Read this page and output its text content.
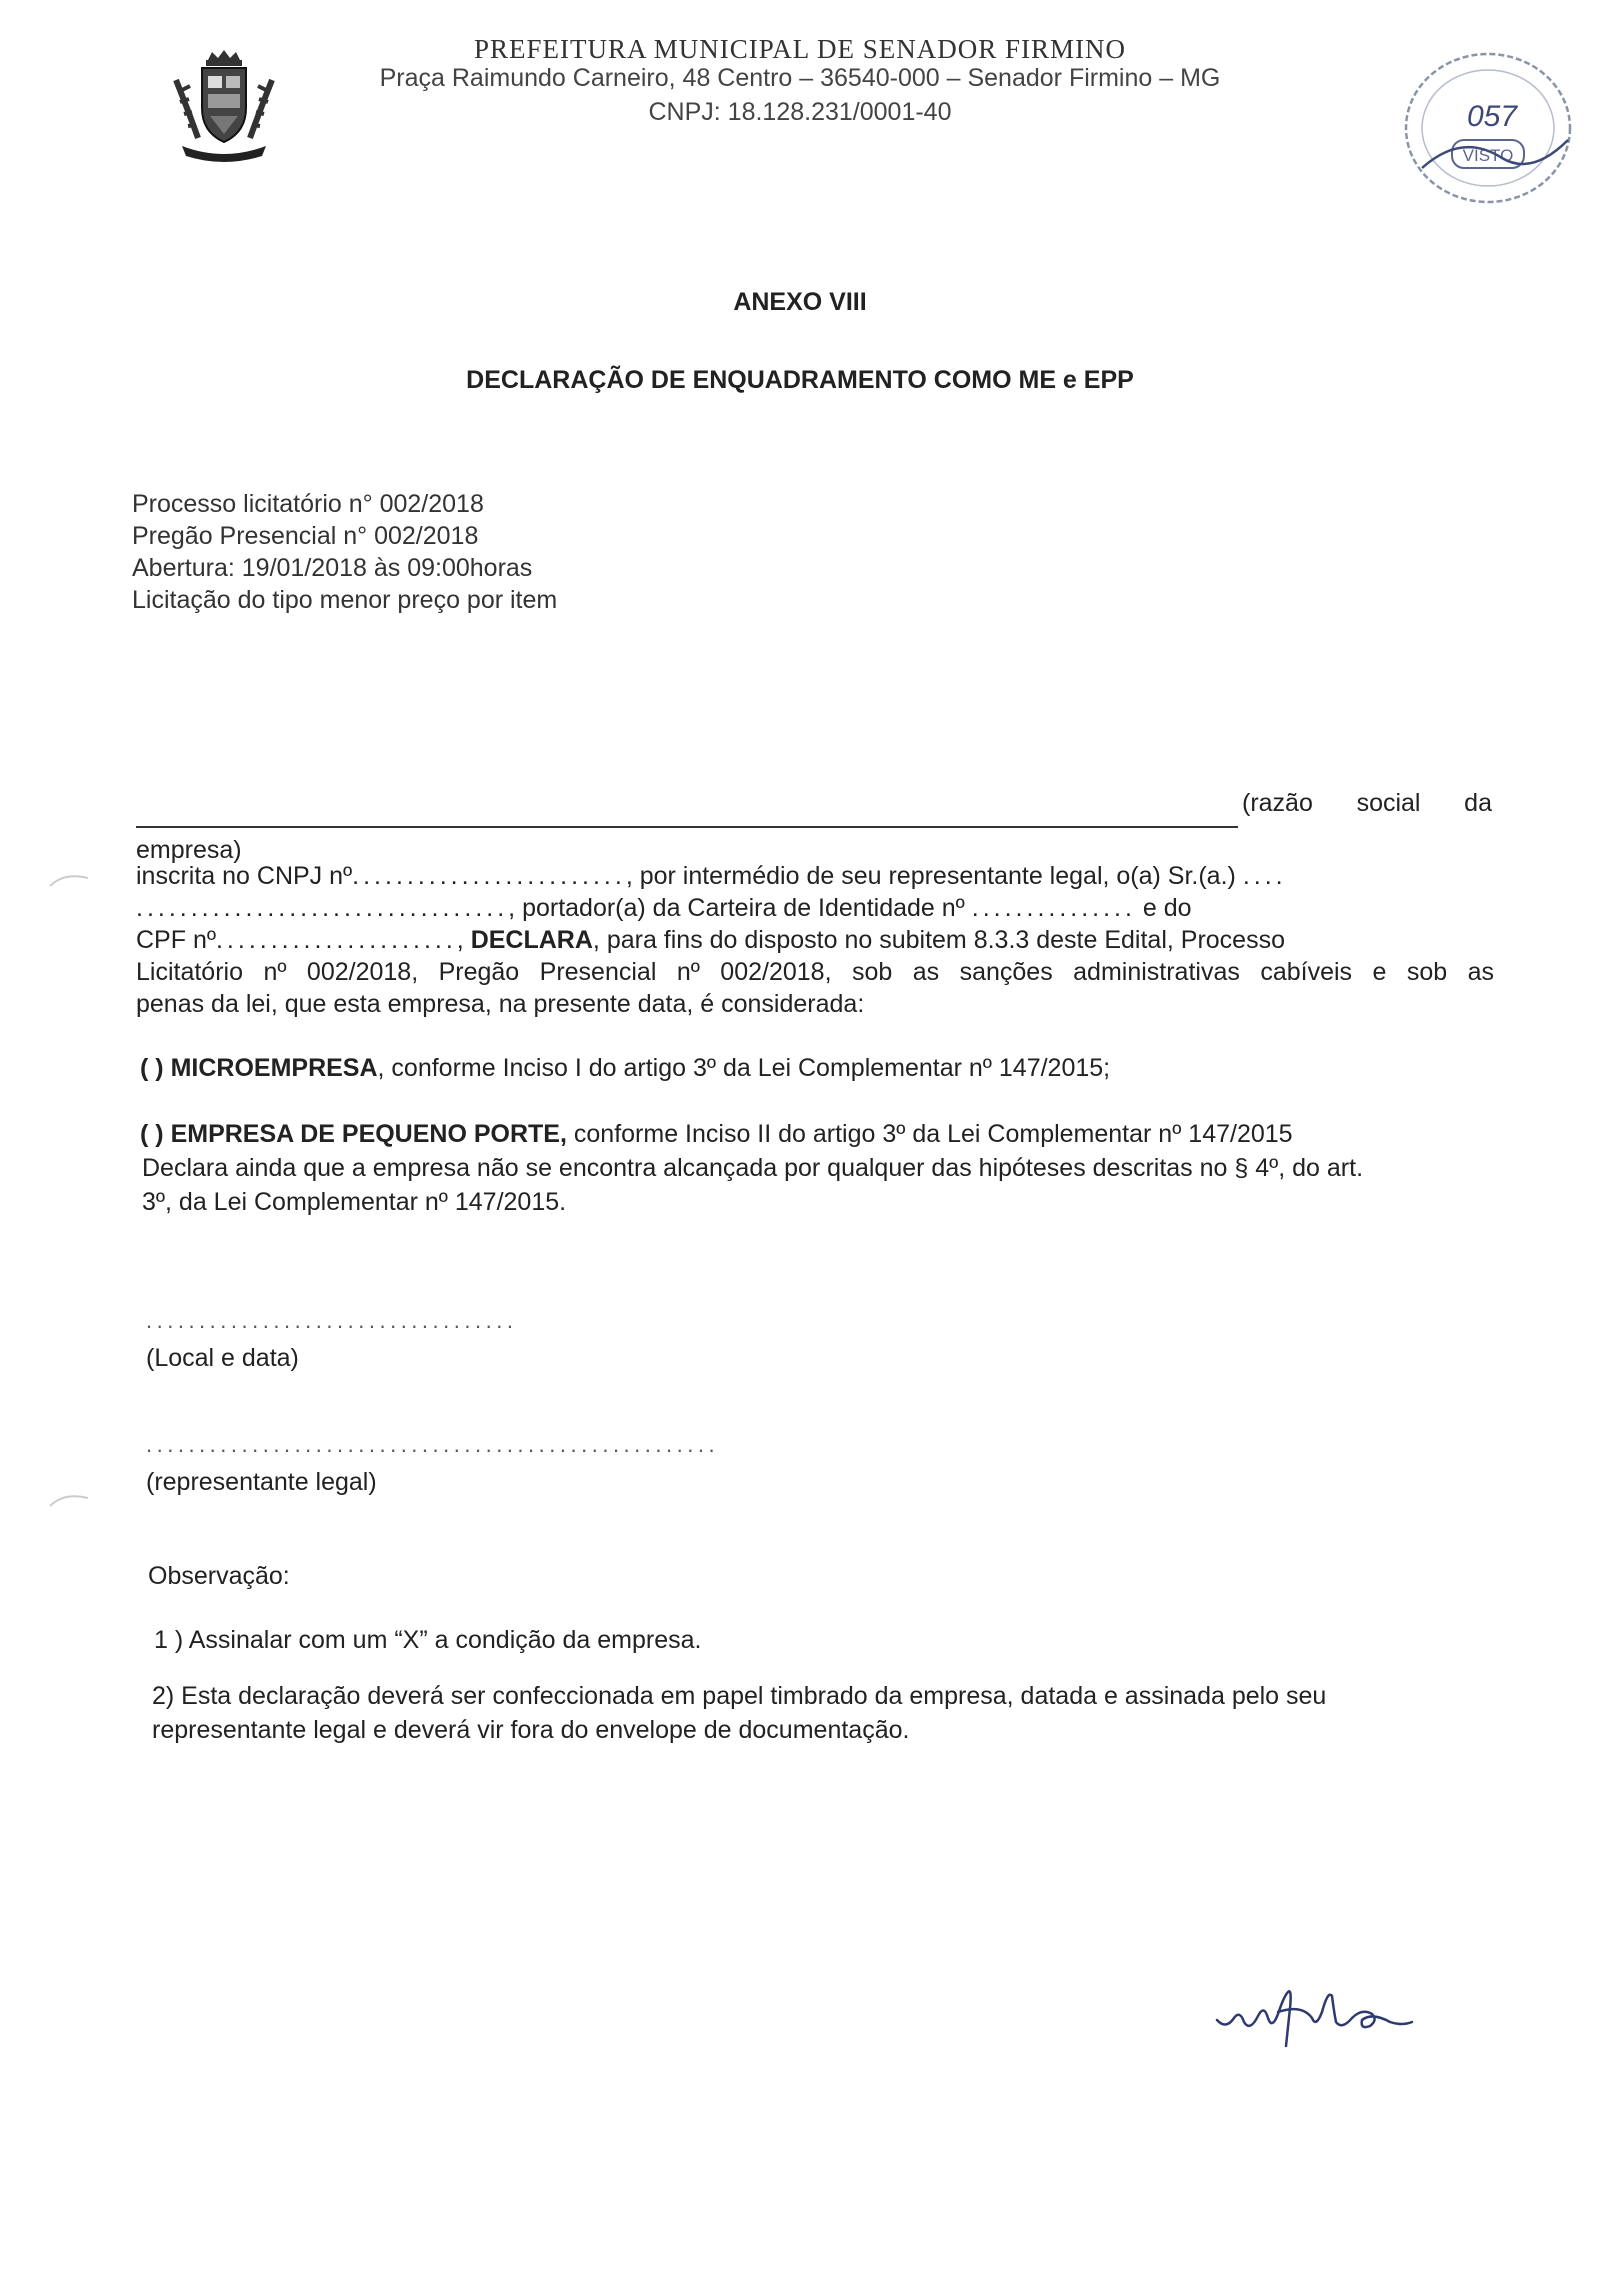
PREFEITURA MUNICIPAL DE SENADOR FIRMINO
Praça Raimundo Carneiro, 48 Centro – 36540-000 – Senador Firmino – MG
CNPJ: 18.128.231/0001-40	057
VISTO
ANEXO VIII
DECLARAÇÃO DE ENQUADRAMENTO COMO ME e EPP
Processo licitatório n° 002/2018
Pregão Presencial n° 002/2018
Abertura: 19/01/2018 às 09:00horas
Licitação do tipo menor preço por item
(razão social da
empresa)
inscrita no CNPJ nº........................., por intermédio de seu representante legal, o(a) Sr.(a.) ....
.................................., portador(a) da Carteira de Identidade nº ............... e do
CPF nº......................, DECLARA, para fins do disposto no subitem 8.3.3 deste Edital, Processo
Licitatório nº 002/2018, Pregão Presencial nº 002/2018, sob as sanções administrativas cabíveis e sob as
penas da lei, que esta empresa, na presente data, é considerada:
( ) MICROEMPRESA, conforme Inciso I do artigo 3º da Lei Complementar nº 147/2015;
( ) EMPRESA DE PEQUENO PORTE, conforme Inciso II do artigo 3º da Lei Complementar nº 147/2015
Declara ainda que a empresa não se encontra alcançada por qualquer das hipóteses descritas no § 4º, do art.
3º, da Lei Complementar nº 147/2015.
...................................
(Local e data)
......................................................
(representante legal)
Observação:
1 ) Assinalar com um “X” a condição da empresa.
2) Esta declaração deverá ser confeccionada em papel timbrado da empresa, datada e assinada pelo seu
representante legal e deverá vir fora do envelope de documentação.
